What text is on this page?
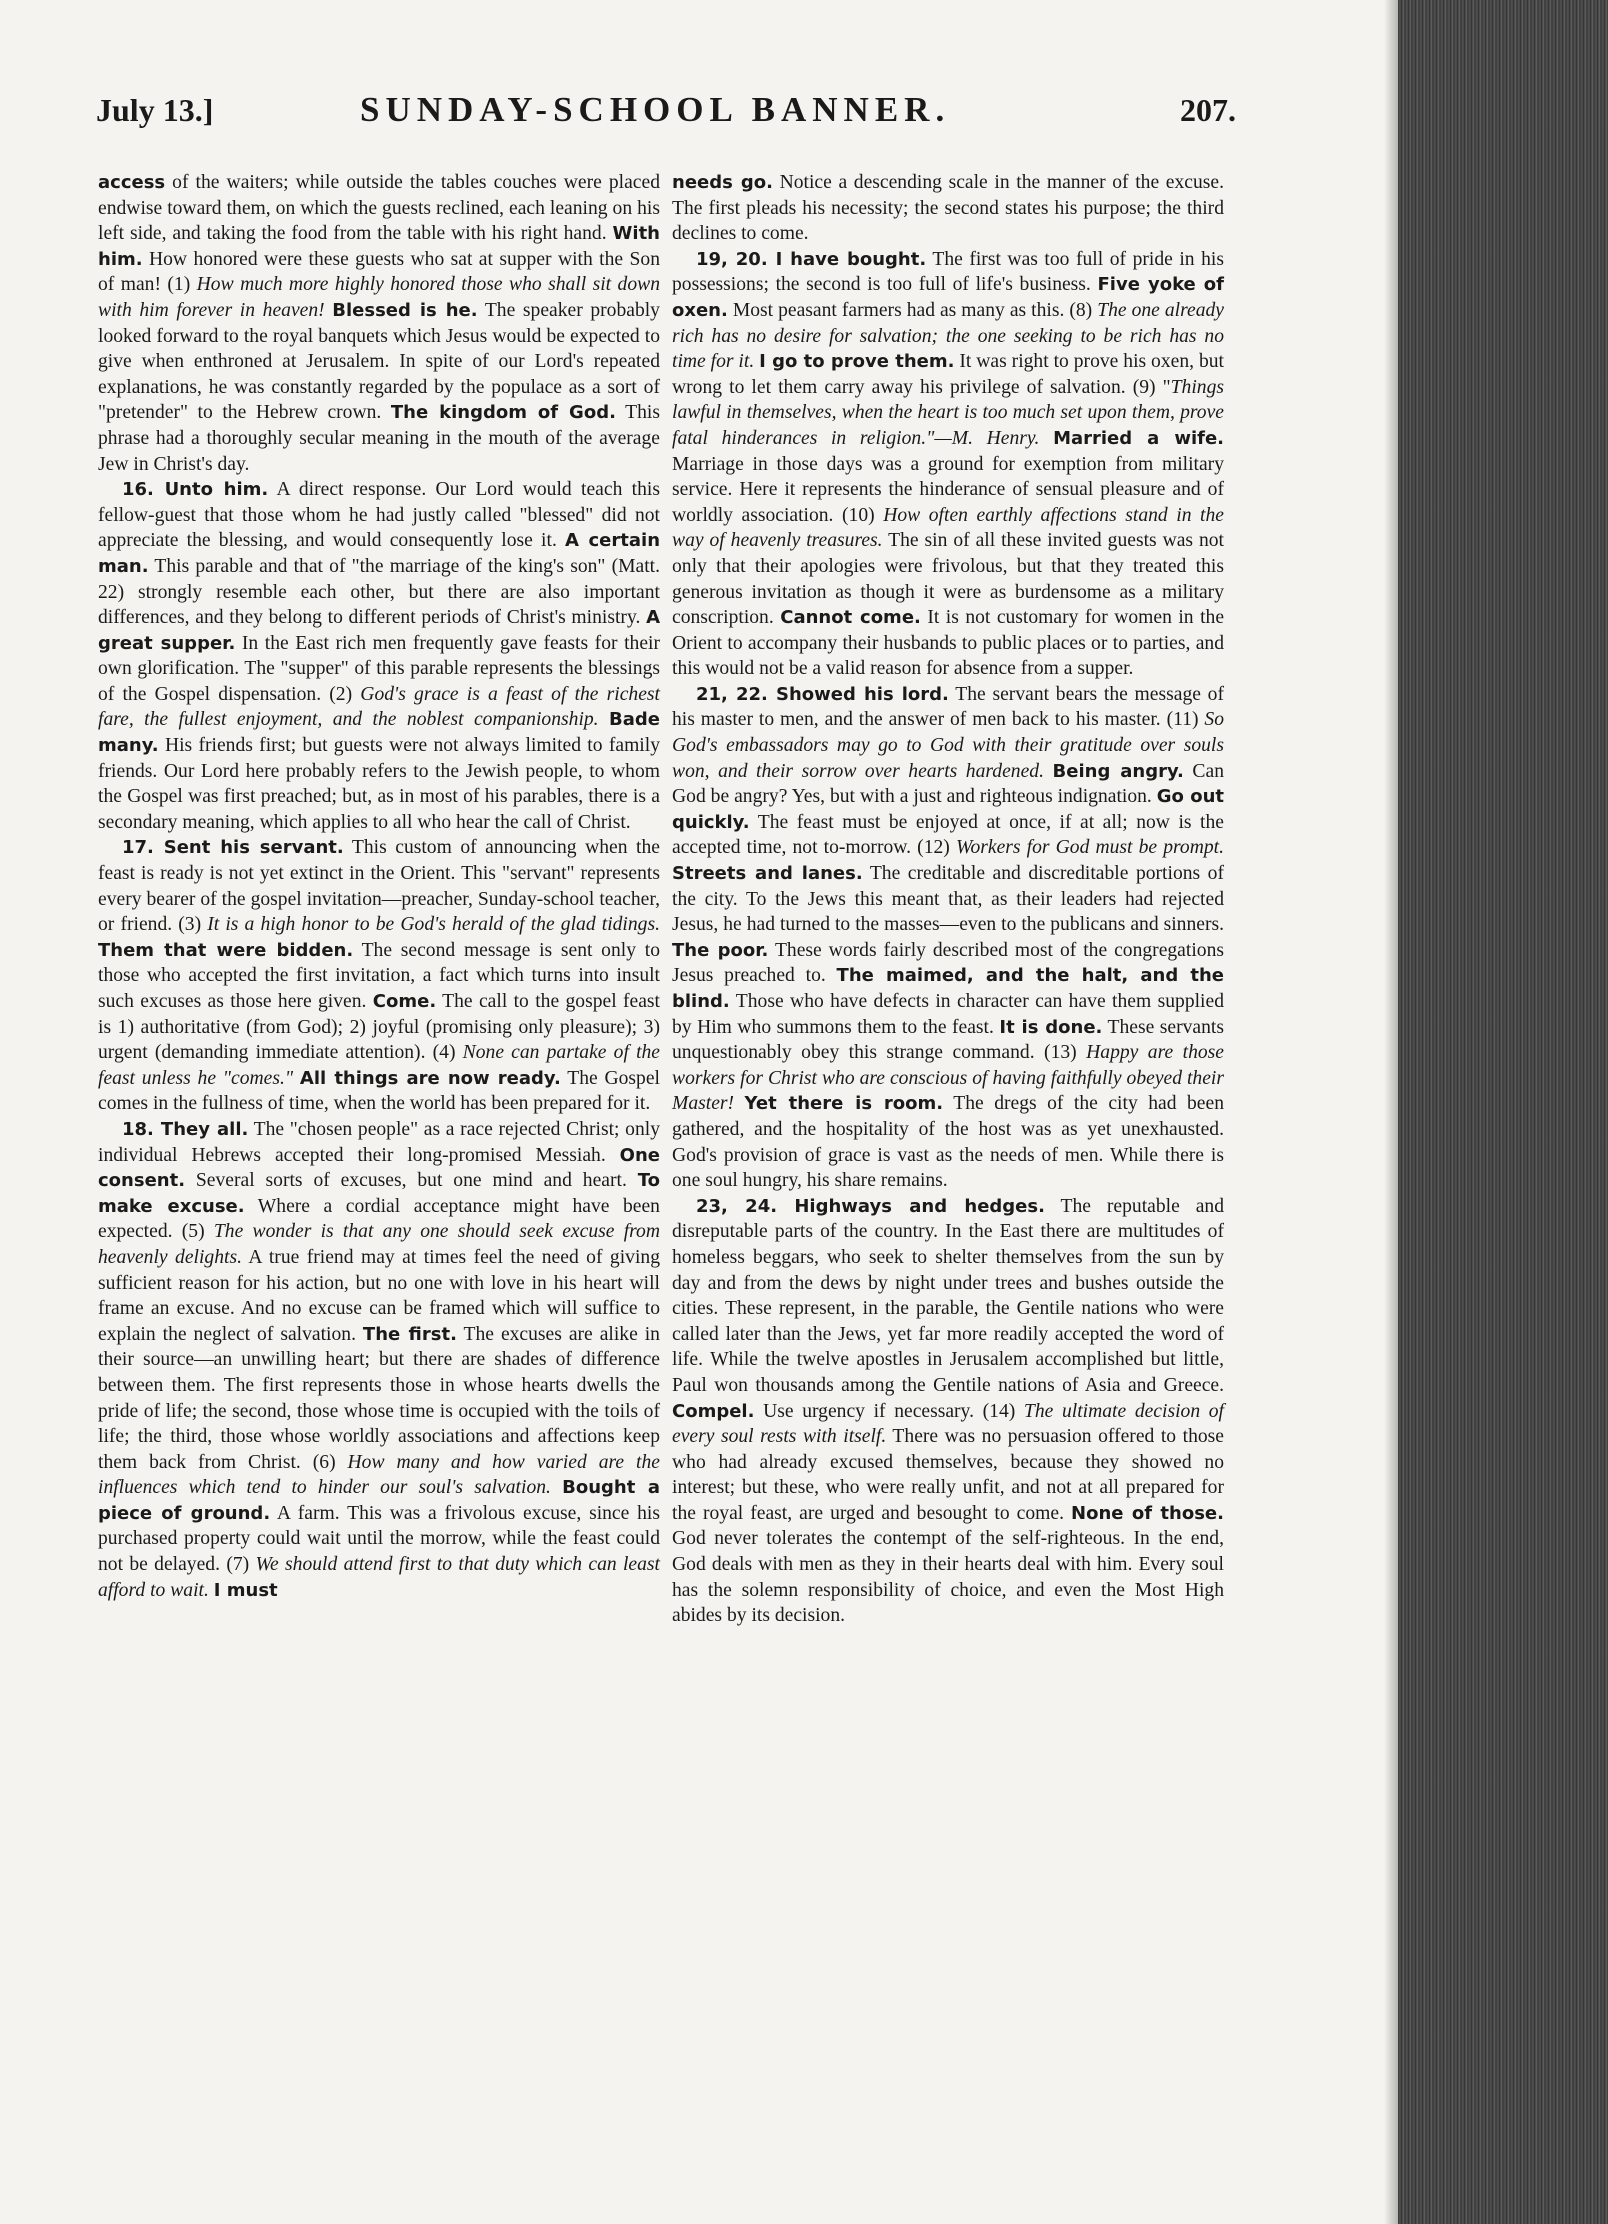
July 13.]	SUNDAY-SCHOOL BANNER.	207.

access of the waiters; while outside the tables couches were placed endwise toward them, on which the guests reclined, each leaning on his left side, and taking the food from the table with his right hand. With him. How honored were these guests who sat at supper with the Son of man! (1) How much more highly honored those who shall sit down with him forever in heaven! Blessed is he. The speaker probably looked forward to the royal banquets which Jesus would be expected to give when enthroned at Jerusalem. In spite of our Lord's repeated explanations, he was constantly regarded by the populace as a sort of "pretender" to the Hebrew crown. The kingdom of God. This phrase had a thoroughly secular meaning in the mouth of the average Jew in Christ's day.

16. Unto him. A direct response. Our Lord would teach this fellow-guest that those whom he had justly called "blessed" did not appreciate the blessing, and would consequently lose it. A certain man. This parable and that of "the marriage of the king's son" (Matt. 22) strongly resemble each other, but there are also important differences, and they belong to different periods of Christ's ministry. A great supper. In the East rich men frequently gave feasts for their own glorification. The "supper" of this parable represents the blessings of the Gospel dispensation. (2) God's grace is a feast of the richest fare, the fullest enjoyment, and the noblest companionship. Bade many. His friends first; but guests were not always limited to family friends. Our Lord here probably refers to the Jewish people, to whom the Gospel was first preached; but, as in most of his parables, there is a secondary meaning, which applies to all who hear the call of Christ.

17. Sent his servant. This custom of announcing when the feast is ready is not yet extinct in the Orient. This "servant" represents every bearer of the gospel invitation—preacher, Sunday-school teacher, or friend. (3) It is a high honor to be God's herald of the glad tidings. Them that were bidden. The second message is sent only to those who accepted the first invitation, a fact which turns into insult such excuses as those here given. Come. The call to the gospel feast is 1) authoritative (from God); 2) joyful (promising only pleasure); 3) urgent (demanding immediate attention). (4) None can partake of the feast unless he "comes." All things are now ready. The Gospel comes in the fullness of time, when the world has been prepared for it.

18. They all. The "chosen people" as a race rejected Christ; only individual Hebrews accepted their long-promised Messiah. One consent. Several sorts of excuses, but one mind and heart. To make excuse. Where a cordial acceptance might have been expected. (5) The wonder is that any one should seek excuse from heavenly delights. A true friend may at times feel the need of giving sufficient reason for his action, but no one with love in his heart will frame an excuse. And no excuse can be framed which will suffice to explain the neglect of salvation. The first. The excuses are alike in their source—an unwilling heart; but there are shades of difference between them. The first represents those in whose hearts dwells the pride of life; the second, those whose time is occupied with the toils of life; the third, those whose worldly associations and affections keep them back from Christ. (6) How many and how varied are the influences which tend to hinder our soul's salvation. Bought a piece of ground. A farm. This was a frivolous excuse, since his purchased property could wait until the morrow, while the feast could not be delayed. (7) We should attend first to that duty which can least afford to wait. I must

needs go. Notice a descending scale in the manner of the excuse. The first pleads his necessity; the second states his purpose; the third declines to come.

19, 20. I have bought. The first was too full of pride in his possessions; the second is too full of life's business. Five yoke of oxen. Most peasant farmers had as many as this. (8) The one already rich has no desire for salvation; the one seeking to be rich has no time for it. I go to prove them. It was right to prove his oxen, but wrong to let them carry away his privilege of salvation. (9) "Things lawful in themselves, when the heart is too much set upon them, prove fatal hinderances in religion."—M. Henry. Married a wife. Marriage in those days was a ground for exemption from military service. Here it represents the hinderance of sensual pleasure and of worldly association. (10) How often earthly affections stand in the way of heavenly treasures. The sin of all these invited guests was not only that their apologies were frivolous, but that they treated this generous invitation as though it were as burdensome as a military conscription. Cannot come. It is not customary for women in the Orient to accompany their husbands to public places or to parties, and this would not be a valid reason for absence from a supper.

21, 22. Showed his lord. The servant bears the message of his master to men, and the answer of men back to his master. (11) So God's embassadors may go to God with their gratitude over souls won, and their sorrow over hearts hardened. Being angry. Can God be angry? Yes, but with a just and righteous indignation. Go out quickly. The feast must be enjoyed at once, if at all; now is the accepted time, not to-morrow. (12) Workers for God must be prompt. Streets and lanes. The creditable and discreditable portions of the city. To the Jews this meant that, as their leaders had rejected Jesus, he had turned to the masses—even to the publicans and sinners. The poor. These words fairly described most of the congregations Jesus preached to. The maimed, and the halt, and the blind. Those who have defects in character can have them supplied by Him who summons them to the feast. It is done. These servants unquestionably obey this strange command. (13) Happy are those workers for Christ who are conscious of having faithfully obeyed their Master! Yet there is room. The dregs of the city had been gathered, and the hospitality of the host was as yet unexhausted. God's provision of grace is vast as the needs of men. While there is one soul hungry, his share remains.

23, 24. Highways and hedges. The reputable and disreputable parts of the country. In the East there are multitudes of homeless beggars, who seek to shelter themselves from the sun by day and from the dews by night under trees and bushes outside the cities. These represent, in the parable, the Gentile nations who were called later than the Jews, yet far more readily accepted the word of life. While the twelve apostles in Jerusalem accomplished but little, Paul won thousands among the Gentile nations of Asia and Greece. Compel. Use urgency if necessary. (14) The ultimate decision of every soul rests with itself. There was no persuasion offered to those who had already excused themselves, because they showed no interest; but these, who were really unfit, and not at all prepared for the royal feast, are urged and besought to come. None of those. God never tolerates the contempt of the self-righteous. In the end, God deals with men as they in their hearts deal with him. Every soul has the solemn responsibility of choice, and even the Most High abides by its decision.
